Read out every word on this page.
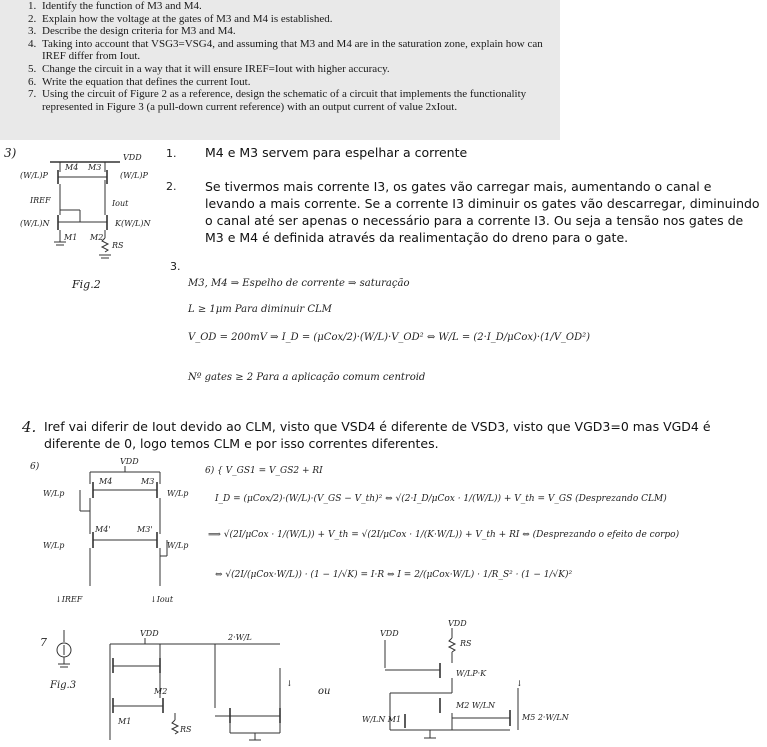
1. Identify the function of M3 and M4.
2. Explain how the voltage at the gates of M3 and M4 is established.
3. Describe the design criteria for M3 and M4.
4. Taking into account that VSG3=VSG4, and assuming that M3 and M4 are in the saturation zone, explain how can IREF differ from Iout.
5. Change the circuit in a way that it will ensure IREF=Iout with higher accuracy.
6. Write the equation that defines the current Iout.
7. Using the circuit of Figure 2 as a reference, design the schematic of a circuit that implements the functionality represented in Figure 3 (a pull-down current reference) with an output current of value 2xIout.
3)	VDD
M4 M3
(W/L)P	(W/L)P
IREF	Iout
(W/L)N	K(W/L)N
M1 M2
RS
Fig.2
1. M4 e M3 servem para espelhar a corrente
2. Se tivermos mais corrente I3, os gates vão carregar mais, aumentando o canal e levando a mais corrente. Se a corrente I3 diminuir os gates vão descarregar, diminuindo o canal até ser apenas o necessário para a corrente I3. Ou seja a tensão nos gates de M3 e M4 é definida através da realimentação do dreno para o gate.
3.
M3, M4 ⇒ Espelho de corrente ⇒ saturação
L ≥ 1μm Para diminuir CLM
V_OD = 200mV ⇒ I_D = (μCox/2)·(W/L)·V_OD² ⇔ W/L = (2·I_D/μCox)·(1/V_OD²)
Nº gates ≥ 2 Para a aplicação comum centroid
4. Iref vai diferir de Iout devido ao CLM, visto que VSD4 é diferente de VSD3, visto que VGD3=0 mas VGD4 é diferente de 0, logo temos CLM e por isso correntes diferentes.
6)
VDD
M4	M3
W/Lp
W/Lp
M4'	M3'
W/Lp	W/Lp
↓IREF	↓Iout
6) { V_GS1 = V_GS2 + RI
I_D = (μCox/2)·(W/L)·(V_GS − V_th)² ⇔ √(2·I_D/μCox · 1/(W/L)) + V_th = V_GS (Desprezando CLM)
⟹ √(2I/μCox · 1/(W/L)) + V_th = √(2I/μCox · 1/(K·W/L)) + V_th + RI ⇔ (Desprezando o efeito de corpo)
⇔ √(2I/(μCox·W/L)) · (1 − 1/√K) = I·R ⇔ I = 2/(μCox·W/L) · 1/R_S² · (1 − 1/√K)²
7
Fig.3
VDD
M1
M2
RS
2·W/L
↓
ou
VDD
VDD
RS
W/LP·K
M2 W/LN
W/LN M1
↓
M5 2·W/LN
